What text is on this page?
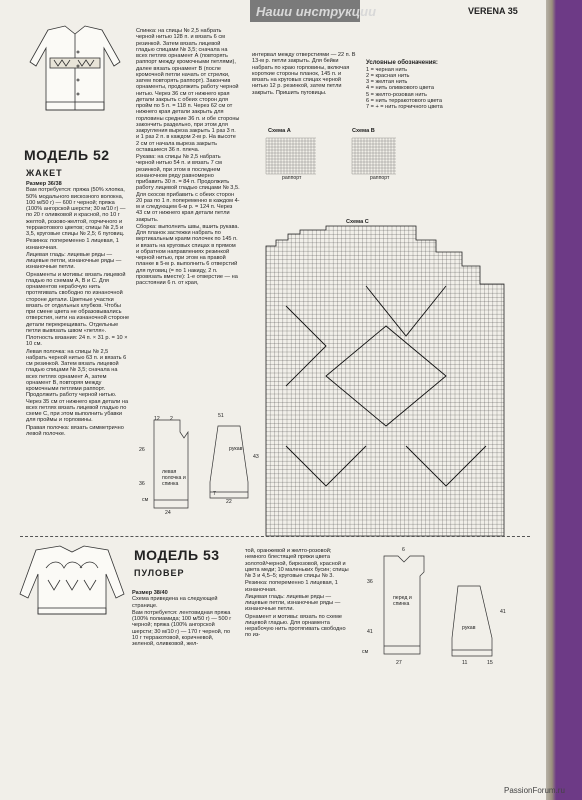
Наши инструкции	VERENA 35

МОДЕЛЬ 52

ЖАКЕТ

Размер 36/38

Вам потребуется: пряжа (50% хлопка, 50% модального вискозного волокна, 100 м/50 г) — 600 г черной; пряжа (100% ангорской шерсти; 30 м/10 г) — по 20 г оливковой и красной, по 10 г желтой, розово-желтой, горчичного и терракотового цветов; спицы № 2,5 и 3,5, круговые спицы № 2,5; 6 пуговиц.

Резинка: попеременно 1 лицевая, 1 изнаночная.

Лицевая гладь: лицевые ряды — лицевые петли, изнаночные ряды — изнаночные петли.

Орнаменты и мотивы: вязать лицевой гладью по схемам А, В и С. Для орнаментов нерабочую нить протягивать свободно по изнаночной стороне детали. Цветные участки вязать от отдельных клубков. Чтобы при смене цвета не образовывались отверстия, нити на изнаночной стороне детали перекрещивать. Отдельные петли вывязать швом «петля».

Плотность вязания: 24 п. × 31 р. = 10 × 10 см.

Левая полочка: на спицы № 2,5 набрать черной нитью 63 п. и вязать 6 см резинкой. Затем вязать лицевой гладью спицами № 3,5; сначала на всех петлях орнамент А, затем орнамент В, повторяя между кромочными петлями раппорт. Продолжить работу черной нитью. Через 35 см от нижнего края детали на всех петлях вязать лицевой гладью по схеме С, при этом выполнить убавки для проймы и горловины.

Правая полочка: вязать симметрично левой полочке.

Спинка: на спицы № 2,5 набрать черной нитью 128 п. и вязать 6 см резинкой. Затем вязать лицевой гладью спицами № 3,5; сначала на всех петлях орнамент А (повторять раппорт между кромочными петлями), далее вязать орнамент В (после кромочной петли начать от стрелки, затем повторять раппорт). Закончив орнаменты, продолжить работу черной нитью. Через 36 см от нижнего края детали закрыть с обеих сторон для пройм по 5 п. = 118 п. Через 62 см от нижнего края детали закрыть для горловины средние 36 п. и обе стороны закончить раздельно, при этом для закругления выреза закрыть 1 раз 3 п. и 1 раз 2 п. в каждом 2-м р. На высоте 2 см от начала выреза закрыть оставшиеся 36 п. плеча.

Рукава: на спицы № 2,5 набрать черной нитью 54 п. и вязать 7 см резинкой, при этом в последнем изнаночном ряду равномерно прибавить 30 п. = 84 п. Продолжить работу лицевой гладью спицами № 3,5. Для скосов прибавить с обеих сторон 20 раз по 1 п. попеременно в каждом 4-м и следующем 6-м р. = 124 п. Через 43 см от нижнего края детали петли закрыть.

Сборка: выполнить швы, вшить рукава. Для планок застежки набрать по вертикальным краям полочек по 145 п. и вязать на круговых спицах в прямом и обратном направлениях резинкой черной нитью, при этом на правой планке в 5-м р. выполнить 6 отверстий для пуговиц (= по 1 накиду, 2 п. провязать вместе): 1-е отверстие — на расстоянии 6 п. от края,

интервал между отверстиями — 22 п. В 13-м р. петли закрыть. Для бейки набрать по краю горловины, включая короткие стороны планок, 145 п. и вязать на круговых спицах черной нитью 12 р. резинкой, затем петли закрыть. Пришить пуговицы.

Условные обозначения:

1 = черная нить

2 = красная нить

3 = желтая нить

4 = нить оливкового цвета

5 = желто-розовая нить

6 = нить терракотового цвета

7 = + = нить горчичного цвета

Схема А	Схема В

раппорт	раппорт

Схема С

левая полочка и спинка

рукав

26

36

12 2

24

см

43

51

22

7

МОДЕЛЬ 53

ПУЛОВЕР

Размер 38/40

Схема приведена на следующей странице.

Вам потребуется: лентовидная пряжа (100% полиамида; 100 м/50 г) — 500 г черной; пряжа (100% ангорской шерсти; 30 м/10 г) — 170 г черной, по 10 г терракотовой, коричневой, зеленой, оливковой, жел-

той, оранжевой и желто-розовой; немного блестящей пряжи цвета золотой/черной, бирюзовой, красной и цвета меди; 10 маленьких бусин; спицы № 3 и 4,5–5; круговые спицы № 3.

Резинка: попеременно 1 лицевая, 1 изнаночная.

Лицевая гладь: лицевые ряды — лицевые петли, изнаночные ряды — изнаночные петли.

Орнамент и мотивы: вязать по схеме лицевой гладью. Для орнамента нерабочую нить протягивать свободно по из-

перед и спинка

рукав

36

41

6

27

см

41

11	15

PassionForum.ru
